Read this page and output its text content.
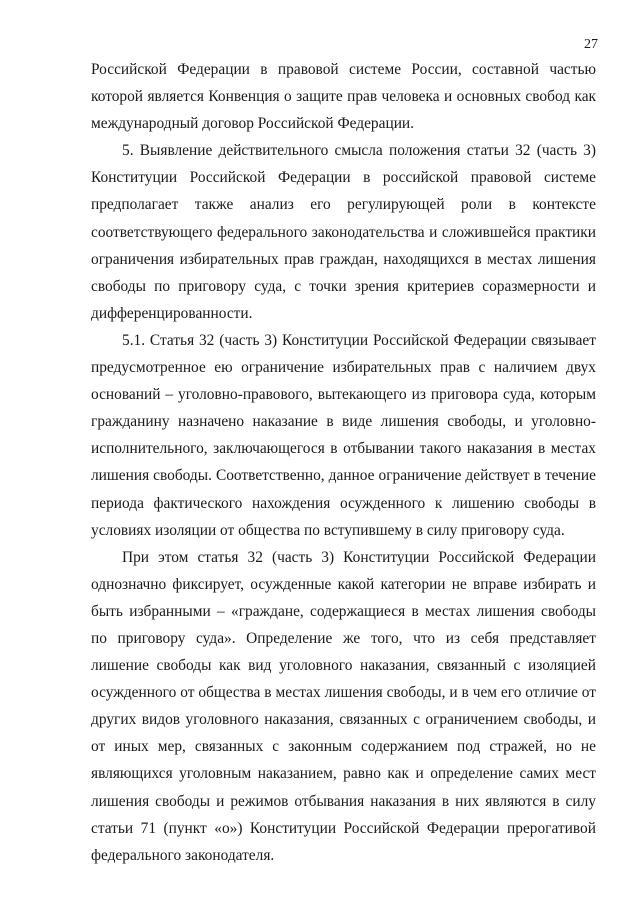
27

Российской Федерации в правовой системе России, составной частью которой является Конвенция о защите прав человека и основных свобод как международный договор Российской Федерации.

5. Выявление действительного смысла положения статьи 32 (часть 3) Конституции Российской Федерации в российской правовой системе предполагает также анализ его регулирующей роли в контексте соответствующего федерального законодательства и сложившейся практики ограничения избирательных прав граждан, находящихся в местах лишения свободы по приговору суда, с точки зрения критериев соразмерности и дифференцированности.

5.1. Статья 32 (часть 3) Конституции Российской Федерации связывает предусмотренное ею ограничение избирательных прав с наличием двух оснований – уголовно-правового, вытекающего из приговора суда, которым гражданину назначено наказание в виде лишения свободы, и уголовно-исполнительного, заключающегося в отбывании такого наказания в местах лишения свободы. Соответственно, данное ограничение действует в течение периода фактического нахождения осужденного к лишению свободы в условиях изоляции от общества по вступившему в силу приговору суда.

При этом статья 32 (часть 3) Конституции Российской Федерации однозначно фиксирует, осужденные какой категории не вправе избирать и быть избранными – «граждане, содержащиеся в местах лишения свободы по приговору суда». Определение же того, что из себя представляет лишение свободы как вид уголовного наказания, связанный с изоляцией осужденного от общества в местах лишения свободы, и в чем его отличие от других видов уголовного наказания, связанных с ограничением свободы, и от иных мер, связанных с законным содержанием под стражей, но не являющихся уголовным наказанием, равно как и определение самих мест лишения свободы и режимов отбывания наказания в них являются в силу статьи 71 (пункт «о») Конституции Российской Федерации прерогативой федерального законодателя.
